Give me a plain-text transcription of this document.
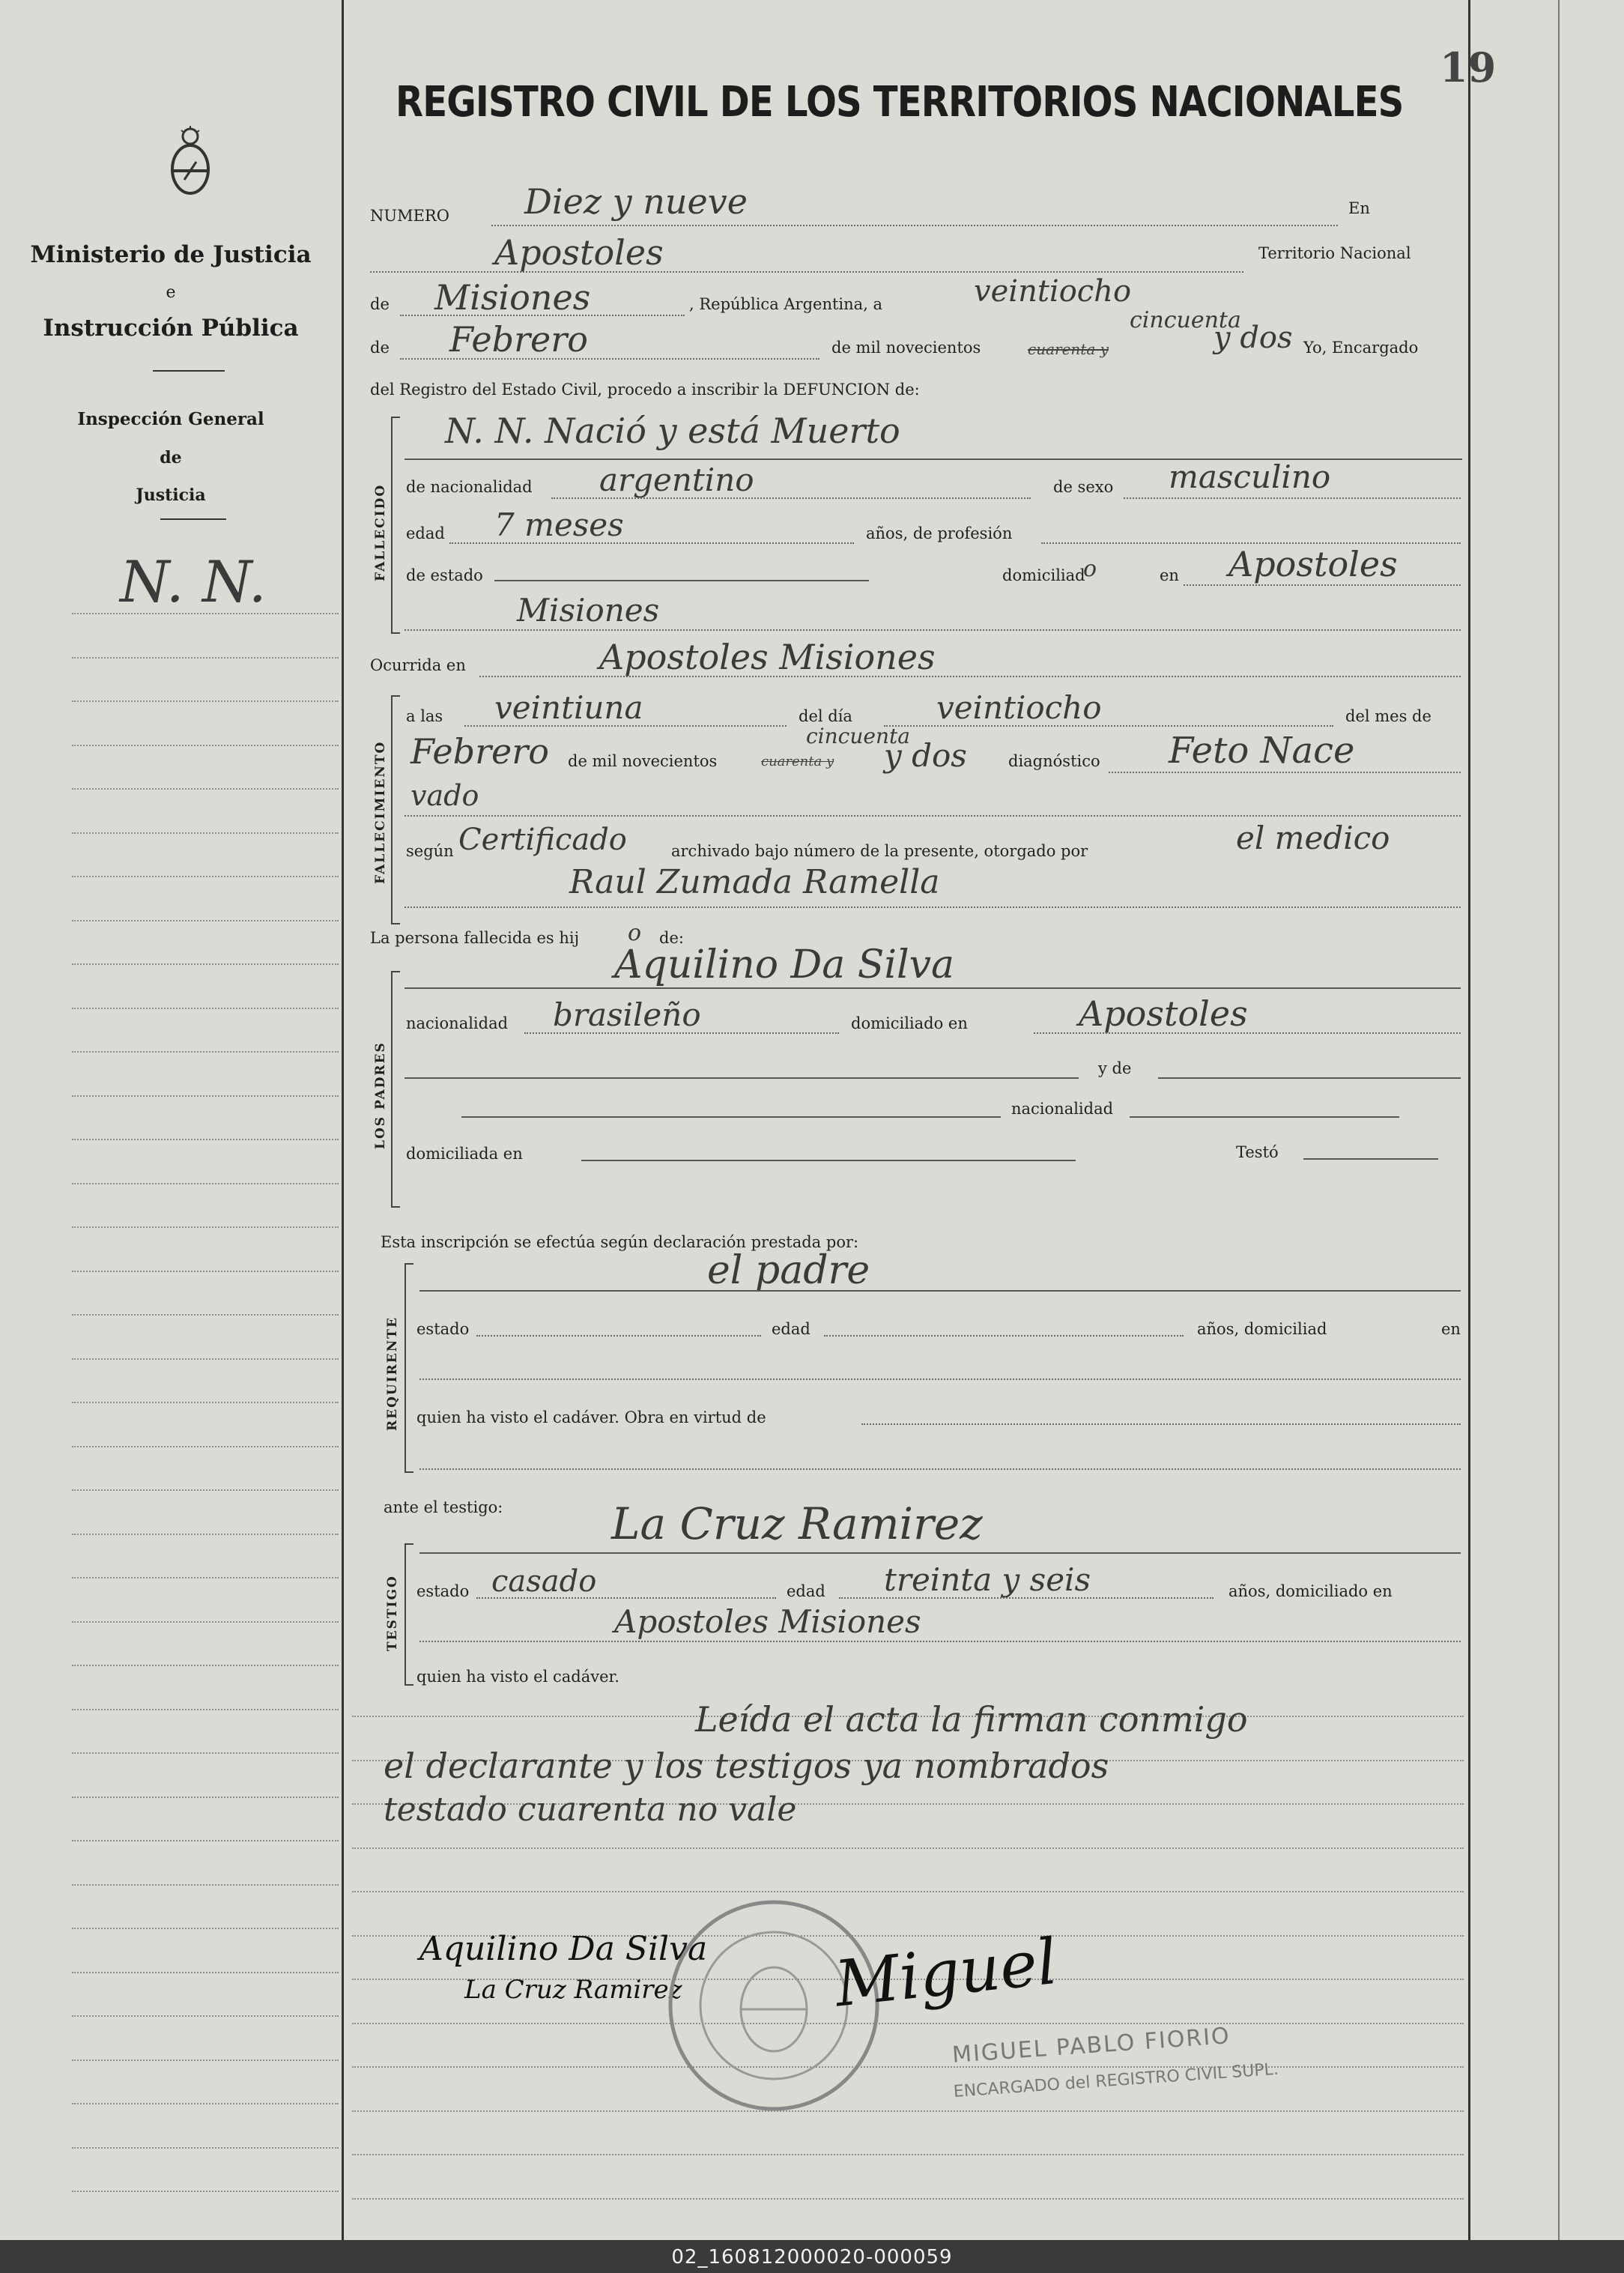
Ministerio de Justicia
e
Instrucción Pública
Inspección General
de
Justicia
N. N.
19
REGISTRO CIVIL DE LOS TERRITORIOS NACIONALES
NUMERO Diez y nueve	En
Apostoles	Territorio Nacional
de Misiones	, República Argentina, a	veintiocho
cincuenta
de Febrero	de mil novecientos	cuarenta y	y dos Yo, Encargado
del Registro del Estado Civil, procedo a inscribir la DEFUNCION de:
FALLECIDO
N. N. Nació y está Muerto
de nacionalidad argentino	de sexo masculino
edad 7 meses	años, de profesión
de estado	domiciliad
o	en Apostoles
Misiones
Ocurrida en	Apostoles Misiones
FALLECIMIENTO
a las veintiuna	del día	veintiocho	del mes de
Febrero de mil novecientos
cincuenta
cuarenta y y dos	diagnóstico Feto Nace
vado
según Certificado	archivado bajo número de la presente, otorgado por	el medico
Raul Zumada Ramella
La persona fallecida es hij o de:
LOS PADRES
Aquilino Da Silva
nacionalidad brasileño	domiciliado en	Apostoles
y de
nacionalidad
domiciliada en	Testó
Esta inscripción se efectúa según declaración prestada por:
REQUIRENTE
el padre
estado	edad	años, domiciliad	en
quien ha visto el cadáver. Obra en virtud de
ante el testigo:
TESTIGO
La Cruz Ramirez
estado casado	edad treinta y seis	años, domiciliado en
Apostoles Misiones
quien ha visto el cadáver.
Leída el acta la firman conmigo
el declarante y los testigos ya nombrados
testado cuarenta no vale
Aquilino Da Silva
La Cruz Ramirez Miguel
MIGUEL PABLO FIORIO
ENCARGADO del REGISTRO CIVIL SUPL.
02_160812000020-000059
